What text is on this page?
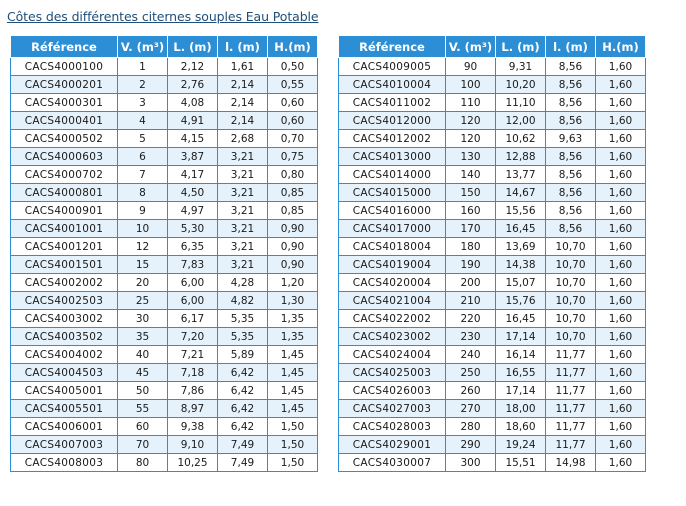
Côtes des différentes citernes souples Eau Potable
Référence	V. (m³)	L. (m)	l. (m)	H.(m)
CACS4000100	1	2,12	1,61	0,50
CACS4000201	2	2,76	2,14	0,55
CACS4000301	3	4,08	2,14	0,60
CACS4000401	4	4,91	2,14	0,60
CACS4000502	5	4,15	2,68	0,70
CACS4000603	6	3,87	3,21	0,75
CACS4000702	7	4,17	3,21	0,80
CACS4000801	8	4,50	3,21	0,85
CACS4000901	9	4,97	3,21	0,85
CACS4001001	10	5,30	3,21	0,90
CACS4001201	12	6,35	3,21	0,90
CACS4001501	15	7,83	3,21	0,90
CACS4002002	20	6,00	4,28	1,20
CACS4002503	25	6,00	4,82	1,30
CACS4003002	30	6,17	5,35	1,35
CACS4003502	35	7,20	5,35	1,35
CACS4004002	40	7,21	5,89	1,45
CACS4004503	45	7,18	6,42	1,45
CACS4005001	50	7,86	6,42	1,45
CACS4005501	55	8,97	6,42	1,45
CACS4006001	60	9,38	6,42	1,50
CACS4007003	70	9,10	7,49	1,50
CACS4008003	80	10,25	7,49	1,50
Référence	V. (m³)	L. (m)	l. (m)	H.(m)
CACS4009005	90	9,31	8,56	1,60
CACS4010004	100	10,20	8,56	1,60
CACS4011002	110	11,10	8,56	1,60
CACS4012000	120	12,00	8,56	1,60
CACS4012002	120	10,62	9,63	1,60
CACS4013000	130	12,88	8,56	1,60
CACS4014000	140	13,77	8,56	1,60
CACS4015000	150	14,67	8,56	1,60
CACS4016000	160	15,56	8,56	1,60
CACS4017000	170	16,45	8,56	1,60
CACS4018004	180	13,69	10,70	1,60
CACS4019004	190	14,38	10,70	1,60
CACS4020004	200	15,07	10,70	1,60
CACS4021004	210	15,76	10,70	1,60
CACS4022002	220	16,45	10,70	1,60
CACS4023002	230	17,14	10,70	1,60
CACS4024004	240	16,14	11,77	1,60
CACS4025003	250	16,55	11,77	1,60
CACS4026003	260	17,14	11,77	1,60
CACS4027003	270	18,00	11,77	1,60
CACS4028003	280	18,60	11,77	1,60
CACS4029001	290	19,24	11,77	1,60
CACS4030007	300	15,51	14,98	1,60
